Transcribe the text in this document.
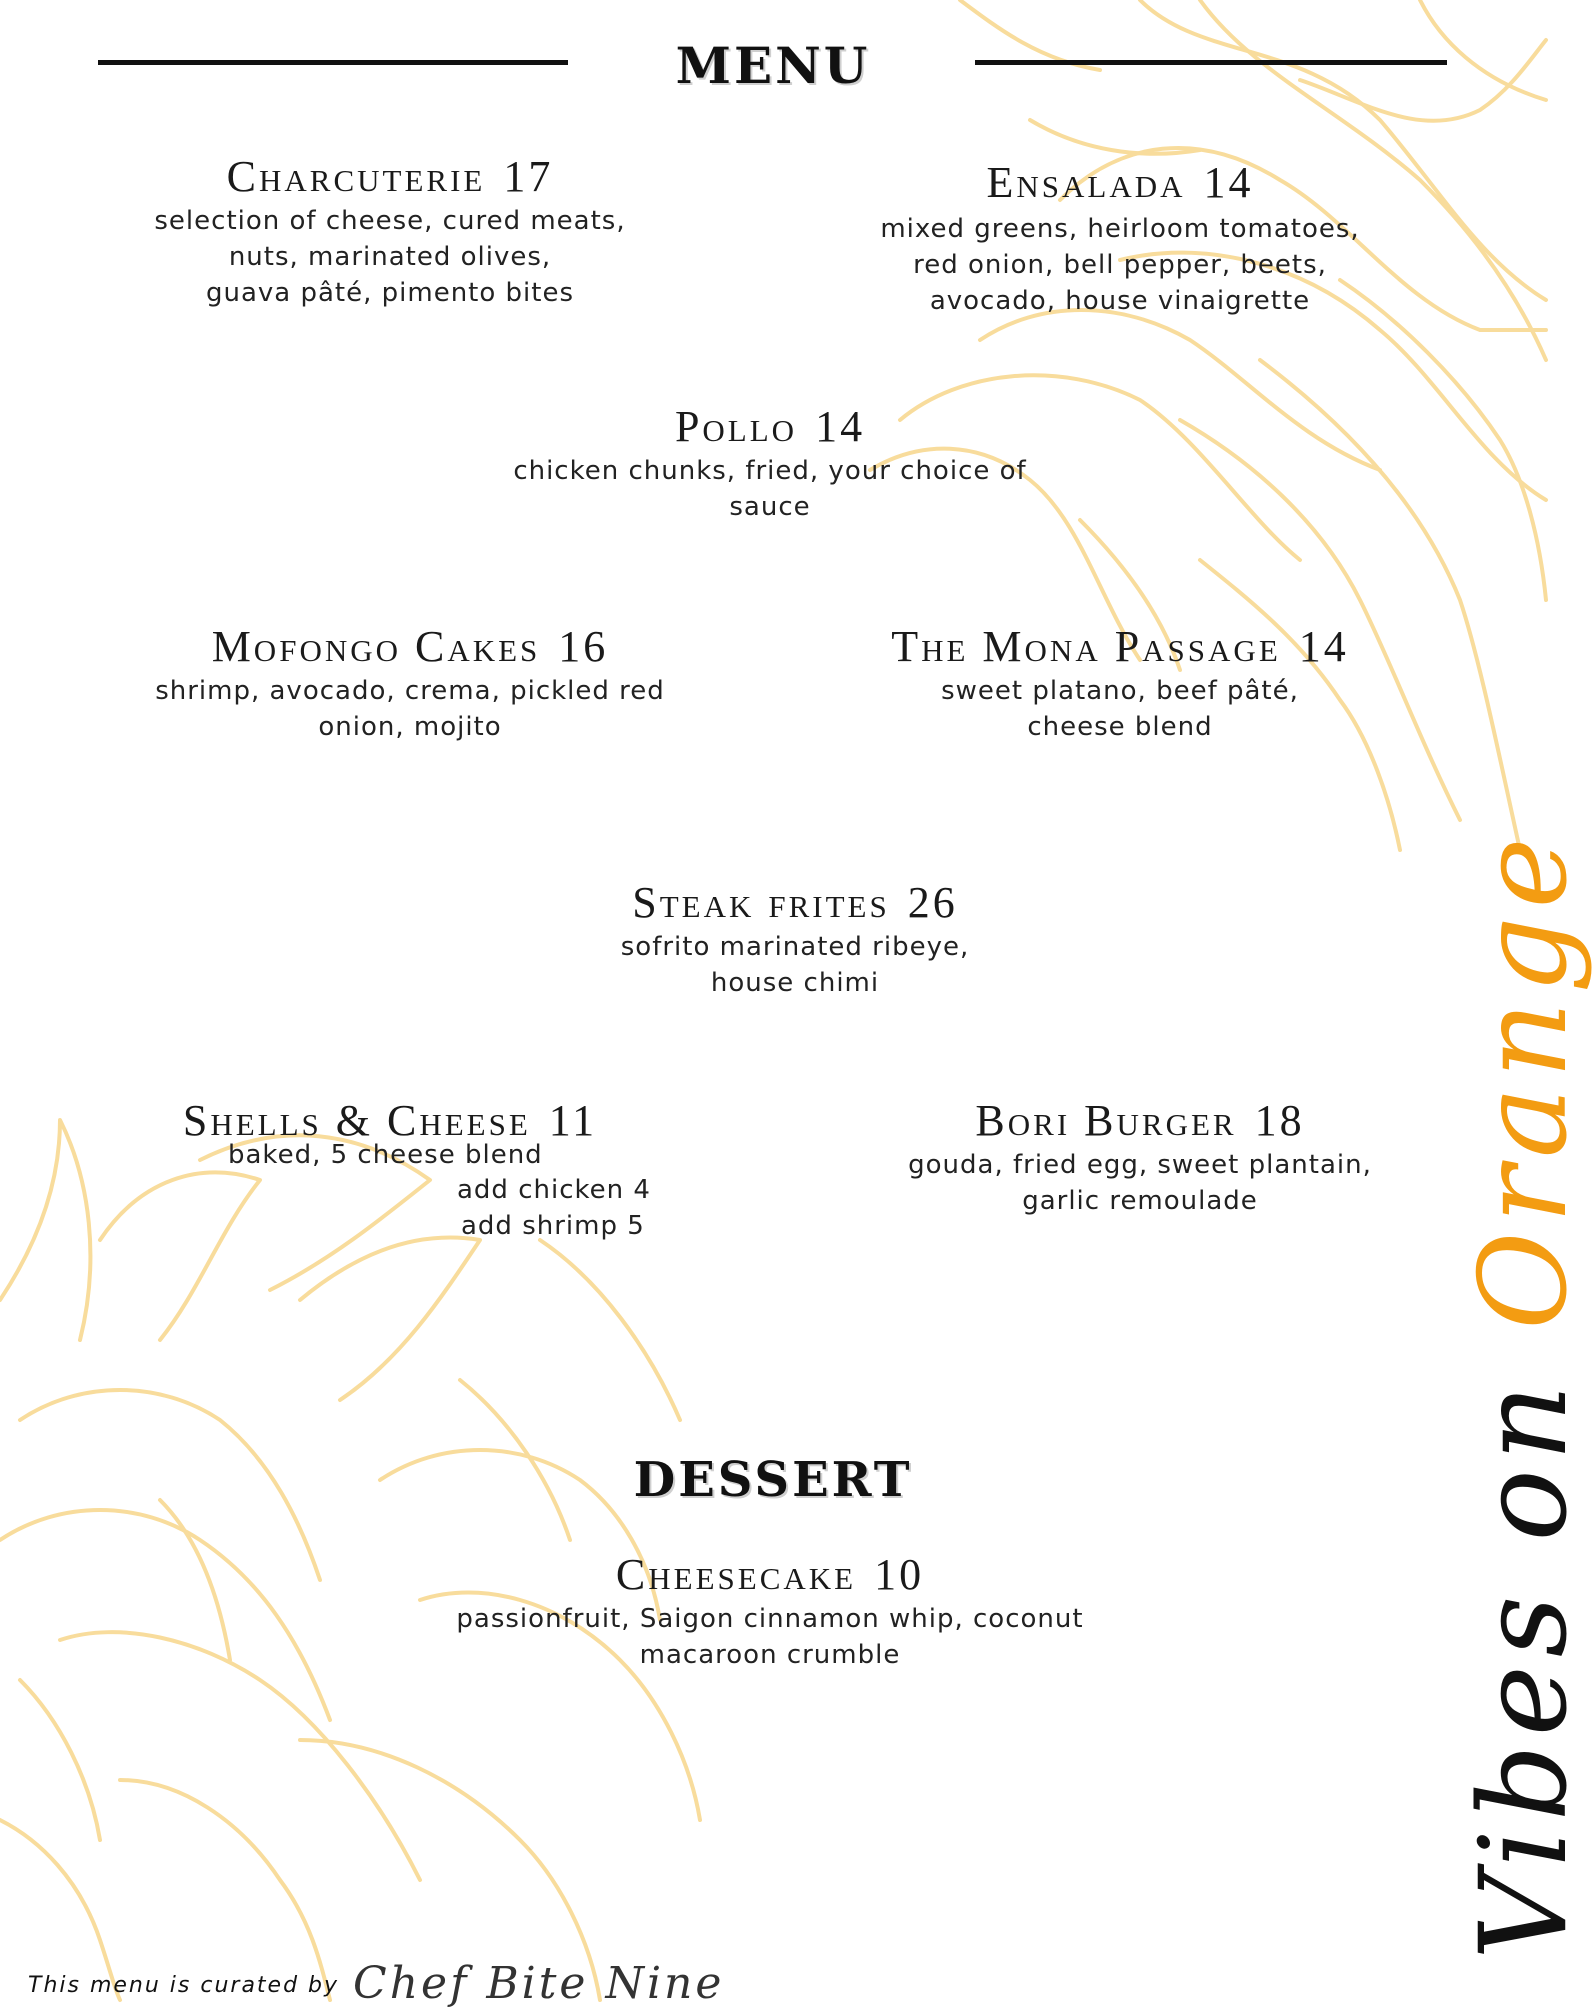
MENU
Charcuterie 17
selection of cheese, cured meats,
nuts, marinated olives,
guava pâté, pimento bites
Ensalada 14
mixed greens, heirloom tomatoes,
red onion, bell pepper, beets,
avocado, house vinaigrette
Pollo 14
chicken chunks, fried, your choice of
sauce
Mofongo Cakes 16
shrimp, avocado, crema, pickled red
onion, mojito
The Mona Passage 14
sweet platano, beef pâté,
cheese blend
Steak frites 26
sofrito marinated ribeye,
house chimi
Shells & Cheese 11
baked, 5 cheese blend
add chicken 4
add shrimp 5
Bori Burger 18
gouda, fried egg, sweet plantain,
garlic remoulade
DESSERT
Cheesecake 10
passionfruit, Saigon cinnamon whip, coconut
macaroon crumble	Vibes on Orange
This menu is curated by Chef Bite Nine
